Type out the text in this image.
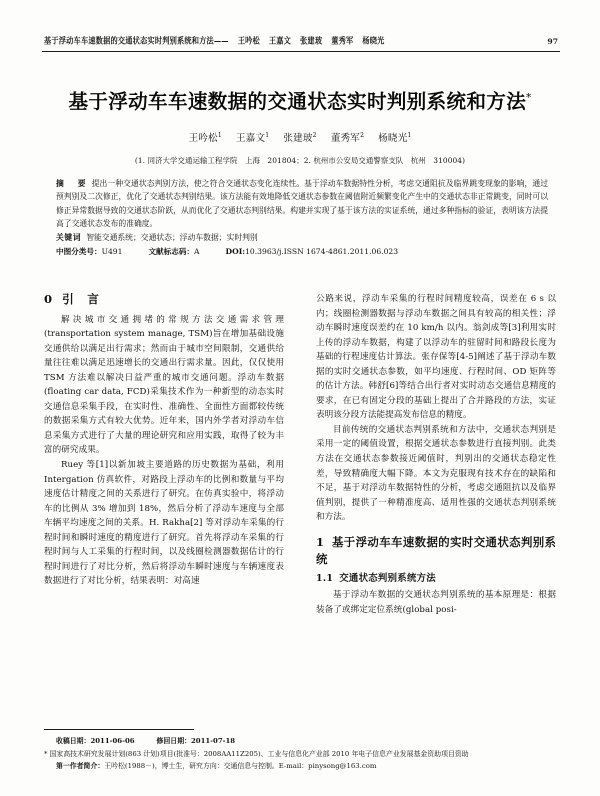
基于浮动车车速数据的交通状态实时判别系统和方法—— 王吟松 王嘉文 张建玻 董秀军 杨晓光	97
基于浮动车车速数据的交通状态实时判别系统和方法*
王吟松$^1$ 王嘉文$^1$ 张建玻$^2$ 董秀军$^2$ 杨晓光$^1$
(1. 同济大学交通运输工程学院　上海　201804；2. 杭州市公安局交通警察支队　杭州　310004)
摘　要 提出一种交通状态判别方法，使之符合交通状态变化连续性。基于浮动车数据特性分析，考虑交通阻抗及临界跳变现象的影响，通过预判别及二次修正，优化了交通状态判别结果。该方法能有效地降低交通状态参数在阈值附近频繁变化产生中的交通状态非正常跳变，同时可以修正异常数据导致的交通状态阶跃，从而优化了交通状态判别结果。构建并实现了基于该方法的实证系统，通过多种指标的验证，表明该方法提高了交通状态发布的准确度。
关键词 智能交通系统；交通状态；浮动车数据；实时判别
中图分类号：U491	文献标志码：A	DOI:10.3963/j.ISSN 1674-4861.2011.06.023
0 引　言

解决城市交通拥堵的常规方法交通需求管理(transportation system manage, TSM)旨在增加基础设施交通供给以满足出行需求；然而由于城市空间限制，交通供给量往往难以满足迅速增长的交通出行需求量。因此，仅仅使用 TSM 方法难以解决日益严重的城市交通问题。浮动车数据(floating car data, FCD)采集技术作为一种新型的动态实时交通信息采集手段，在实时性、准确性、全面性方面都较传统的数据采集方式有较大优势。近年来，国内外学者对浮动车信息采集方式进行了大量的理论研究和应用实践，取得了较为丰富的研究成果。

Ruey 等[1]以新加坡主要道路的历史数据为基础，利用 Intergation 仿真软件，对路段上浮动车的比例和数量与平均速度估计精度之间的关系进行了研究。在仿真实验中，将浮动车的比例从 3% 增加到 18%，然后分析了浮动车速度与全部车辆平均速度之间的关系。H. Rakha[2] 等对浮动车采集的行程时间和瞬时速度的精度进行了研究。首先将浮动车采集的行程时间与人工采集的行程时间，以及线圈检测器数据估计的行程时间进行了对比分析，然后将浮动车瞬时速度与车辆速度表数据进行了对比分析，结果表明：对高速

公路来说，浮动车采集的行程时间精度较高，误差在 6 s 以内；线圈检测器数据与浮动车数据之间具有较高的相关性；浮动车瞬时速度误差约在 10 km/h 以内。翁剑成等[3]利用实时上传的浮动车数据，构建了以浮动车的驻留时间和路段长度为基础的行程速度估计算法。张存保等[4-5]阐述了基于浮动车数据的实时交通状态参数，如平均速度、行程时间、OD 矩阵等的估计方法。韩舒[6]等结合出行者对实时动态交通信息精度的要求，在已有固定分段的基础上提出了合并路段的方法，实证表明该分段方法能提高发布信息的精度。

目前传统的交通状态判别系统和方法中，交通状态判别是采用一定的阈值设置，根据交通状态参数进行直接判别。此类方法在交通状态参数接近阈值时，判别出的交通状态稳定性差，导致精确度大幅下降。本文为克服现有技术存在的缺陷和不足，基于对浮动车数据特性的分析，考虑交通阻抗以及临界值判别，提供了一种精准度高、适用性强的交通状态判别系统和方法。

1 基于浮动车车速数据的实时交通状态判别系统
1.1 交通状态判别系统方法

基于浮动车数据的交通状态判别系统的基本原理是：根据装备了或绑定定位系统(global posi-

收稿日期：2011-06-06	修回日期：2011-07-18
* 国家高技术研究发展计划(863 计划)项目(批准号：2008AA11Z205)、工业与信息化产业部 2010 年电子信息产业发展基金资助项目资助
第一作者简介：王吟松(1988－)，博士生，研究方向：交通信息与控制。E-mail：pinysong@163.com
